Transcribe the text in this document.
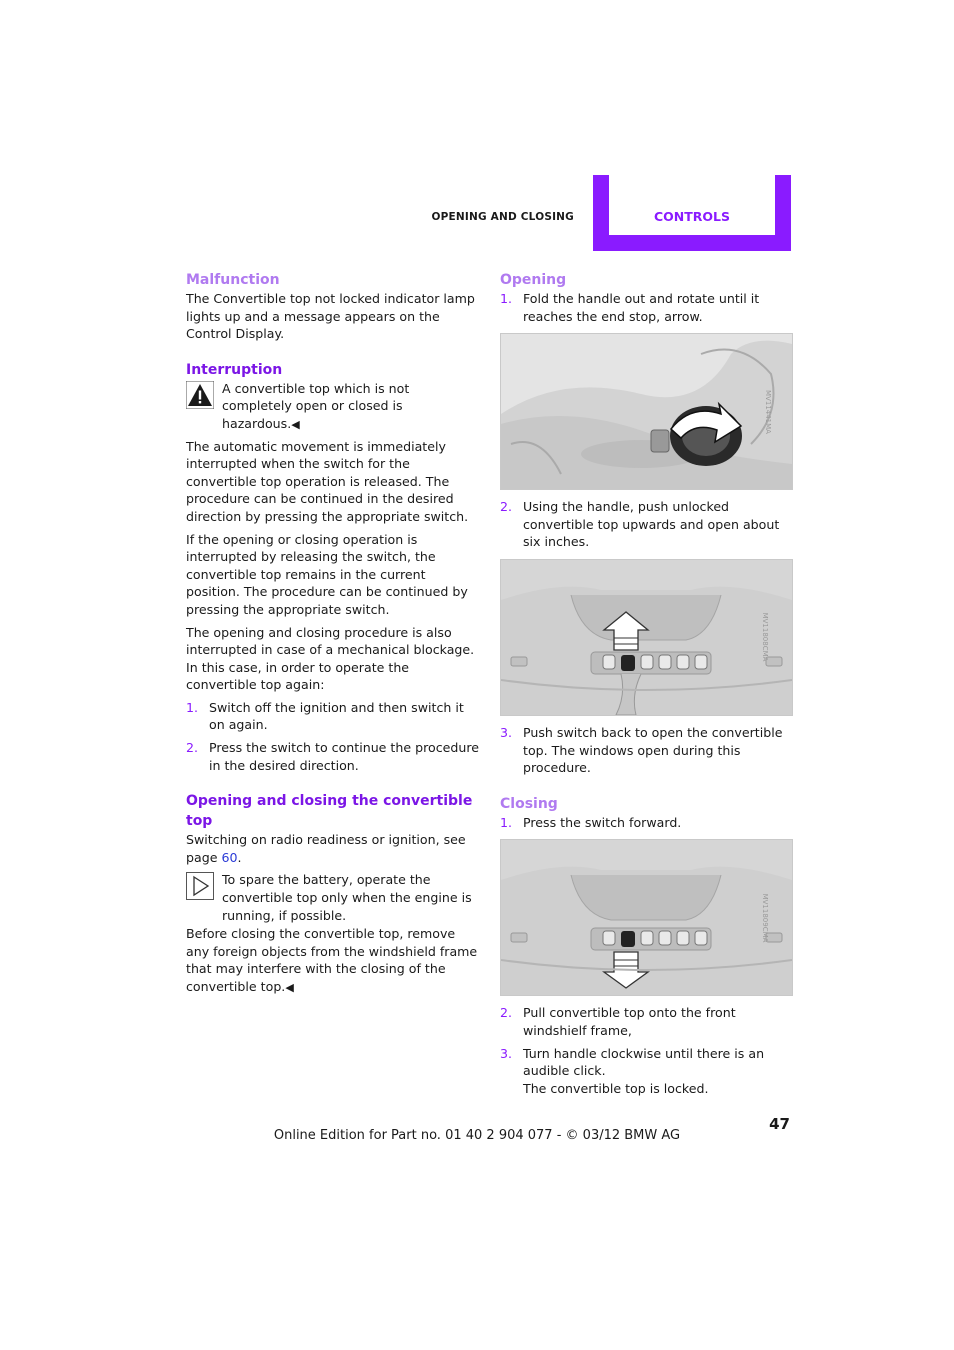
OPENING AND CLOSING	CONTROLS
Malfunction

The Convertible top not locked indicator lamp lights up and a message appears on the Control Display.

Interruption

A convertible top which is not completely open or closed is hazardous.◀

The automatic movement is immediately interrupted when the switch for the convertible top operation is released. The procedure can be continued in the desired direction by pressing the appropriate switch.

If the opening or closing operation is interrupted by releasing the switch, the convertible top remains in the current position. The procedure can be continued by pressing the appropriate switch.

The opening and closing procedure is also interrupted in case of a mechanical blockage. In this case, in order to operate the convertible top again:

1. Switch off the ignition and then switch it on again.
2. Press the switch to continue the procedure in the desired direction.
Opening and closing the convertible top

Switching on radio readiness or ignition, see page 60.

To spare the battery, operate the convertible top only when the engine is running, if possible.

Before closing the convertible top, remove any foreign objects from the windshield frame that may interfere with the closing of the convertible top.◀

Opening
1. Fold the handle out and rotate until it reaches the end stop, arrow.
MV11441MA
2. Using the handle, push unlocked convertible top upwards and open about six inches.
MV11808CMA
3. Push switch back to open the convertible top. The windows open during this procedure.
Closing
1. Press the switch forward.
MV11809CMA
2. Pull convertible top onto the front windshielf frame,
3. Turn handle clockwise until there is an audible click.
The convertible top is locked.
47
Online Edition for Part no. 01 40 2 904 077 - © 03/12 BMW AG
